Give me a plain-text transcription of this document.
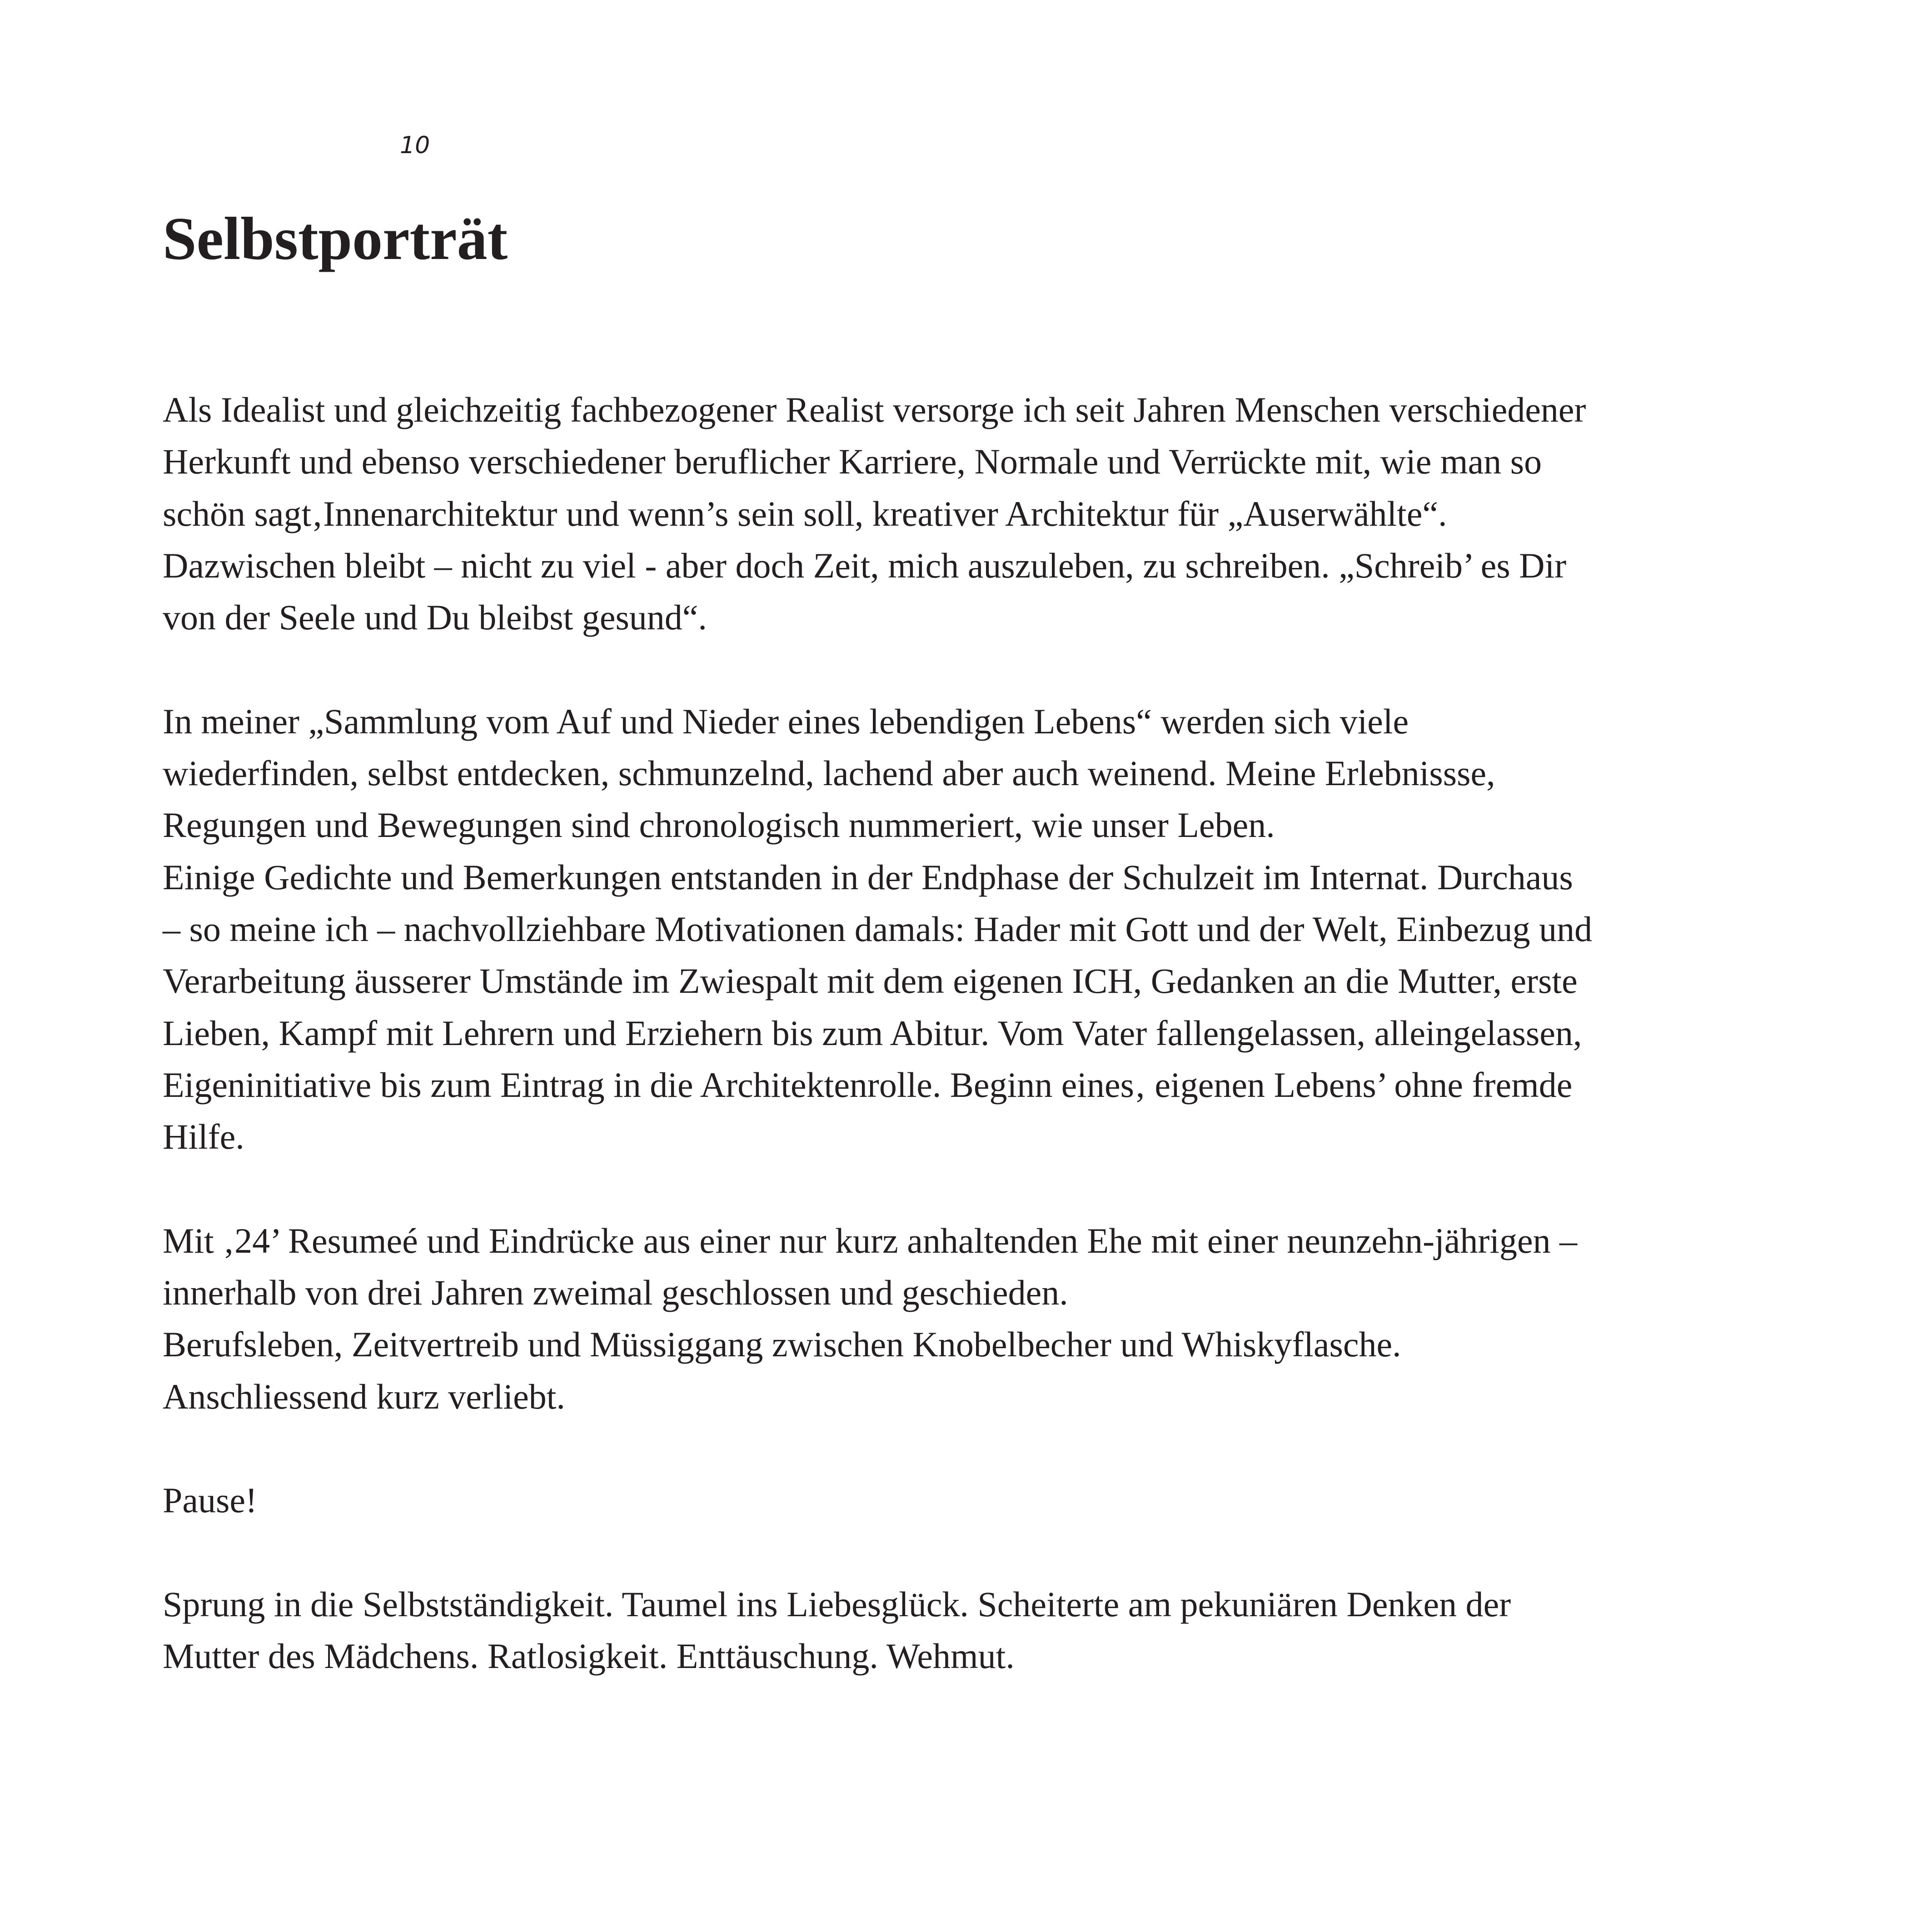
10
Selbstporträt
Als Idealist und gleichzeitig fachbezogener Realist versorge ich seit Jahren Menschen verschiedener
Herkunft und ebenso verschiedener beruflicher Karriere, Normale und Verrückte mit, wie man so
schön sagt‚Innenarchitektur und wenn’s sein soll, kreativer Architektur für „Auserwählte“.
Dazwischen bleibt – nicht zu viel - aber doch Zeit, mich auszuleben, zu schreiben. „Schreib’ es Dir
von der Seele und Du bleibst gesund“.
In meiner „Sammlung vom Auf und Nieder eines lebendigen Lebens“ werden sich viele
wiederfinden, selbst entdecken, schmunzelnd, lachend aber auch weinend. Meine Erlebnissse,
Regungen und Bewegungen sind chronologisch nummeriert, wie unser Leben.
Einige Gedichte und Bemerkungen entstanden in der Endphase der Schulzeit im Internat. Durchaus
– so meine ich – nachvollziehbare Motivationen damals: Hader mit Gott und der Welt, Einbezug und
Verarbeitung äusserer Umstände im Zwiespalt mit dem eigenen ICH, Gedanken an die Mutter, erste
Lieben, Kampf mit Lehrern und Erziehern bis zum Abitur. Vom Vater fallengelassen, alleingelassen,
Eigeninitiative bis zum Eintrag in die Architektenrolle. Beginn eines‚ eigenen Lebens’ ohne fremde
Hilfe.
Mit ‚24’ Resumeé und Eindrücke aus einer nur kurz anhaltenden Ehe mit einer neunzehn-jährigen –
innerhalb von drei Jahren zweimal geschlossen und geschieden.
Berufsleben, Zeitvertreib und Müssiggang zwischen Knobelbecher und Whiskyflasche.
Anschliessend kurz verliebt.
Pause!
Sprung in die Selbstständigkeit. Taumel ins Liebesglück. Scheiterte am pekuniären Denken der
Mutter des Mädchens. Ratlosigkeit. Enttäuschung. Wehmut.
